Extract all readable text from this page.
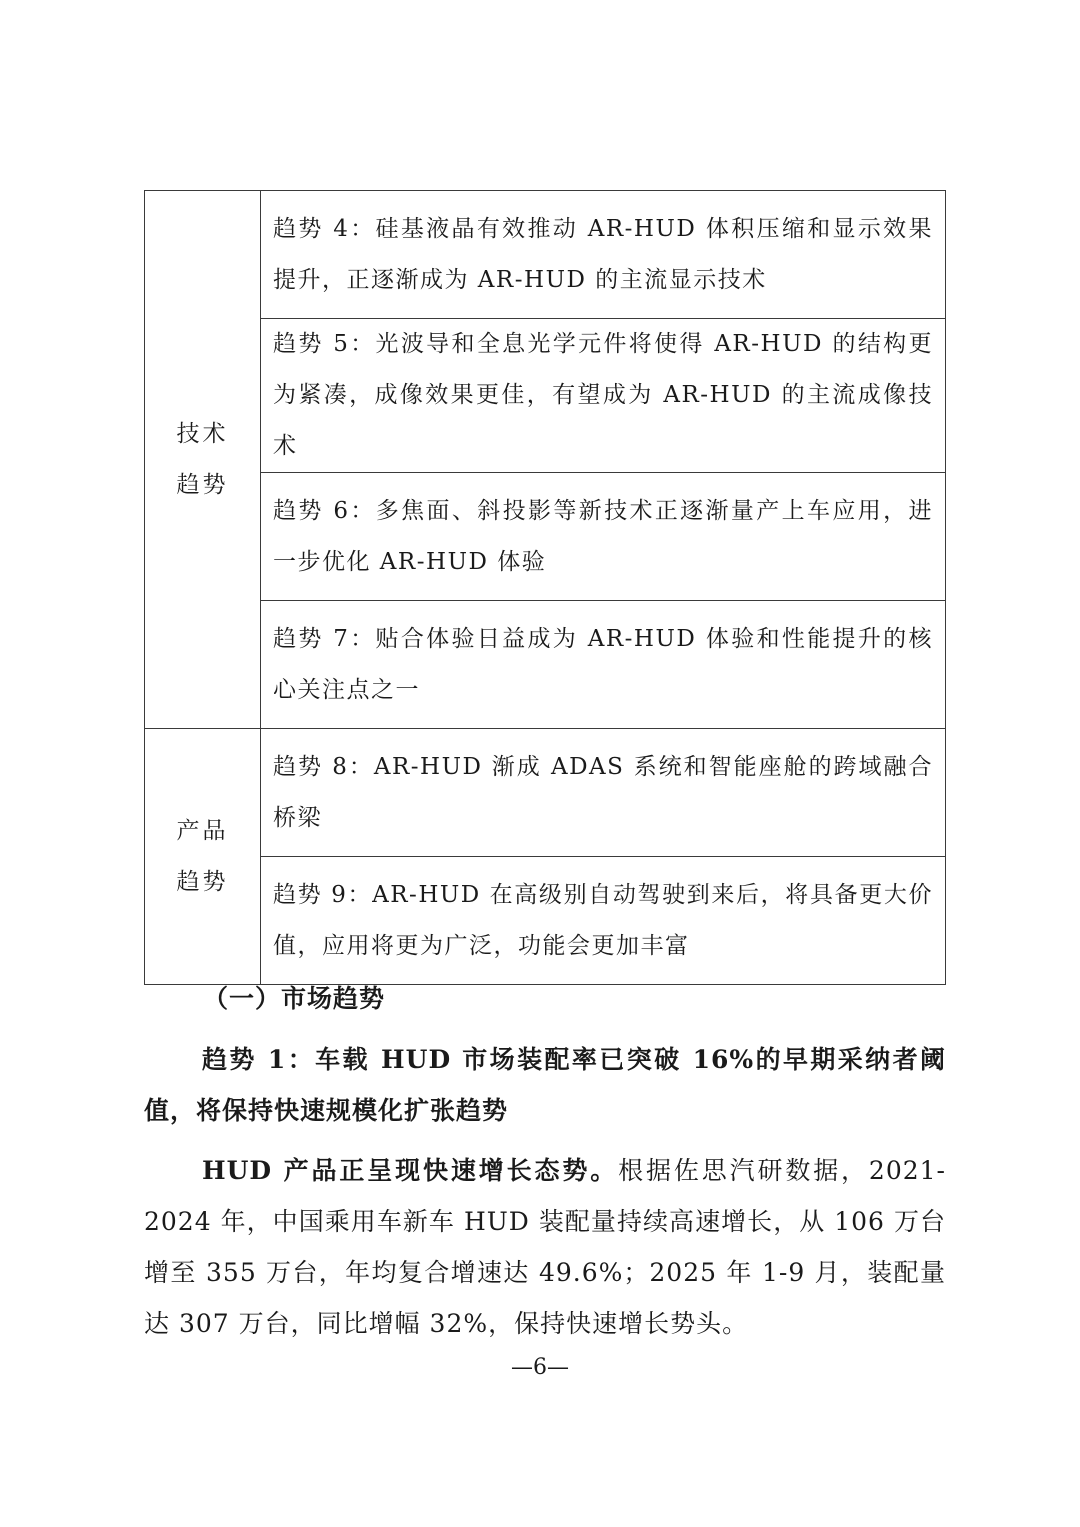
技术
趋势	趋势 4：硅基液晶有效推动 AR-HUD 体积压缩和显示效果提升，正逐渐成为 AR-HUD 的主流显示技术

	趋势 5：光波导和全息光学元件将使得 AR-HUD 的结构更为紧凑，成像效果更佳，有望成为 AR-HUD 的主流成像技术

	趋势 6：多焦面、斜投影等新技术正逐渐量产上车应用，进一步优化 AR-HUD 体验

	趋势 7：贴合体验日益成为 AR-HUD 体验和性能提升的核心关注点之一

产品
趋势	趋势 8：AR-HUD 渐成 ADAS 系统和智能座舱的跨域融合桥梁

	趋势 9：AR-HUD 在高级别自动驾驶到来后，将具备更大价值，应用将更为广泛，功能会更加丰富
（一）市场趋势

趋势 1：车载 HUD 市场装配率已突破 16%的早期采纳者阈值，将保持快速规模化扩张趋势

HUD 产品正呈现快速增长态势。根据佐思汽研数据，2021-2024 年，中国乘用车新车 HUD 装配量持续高速增长，从 106 万台增至 355 万台，年均复合增速达 49.6%；2025 年 1-9 月，装配量达 307 万台，同比增幅 32%，保持快速增长势头。

—6—
